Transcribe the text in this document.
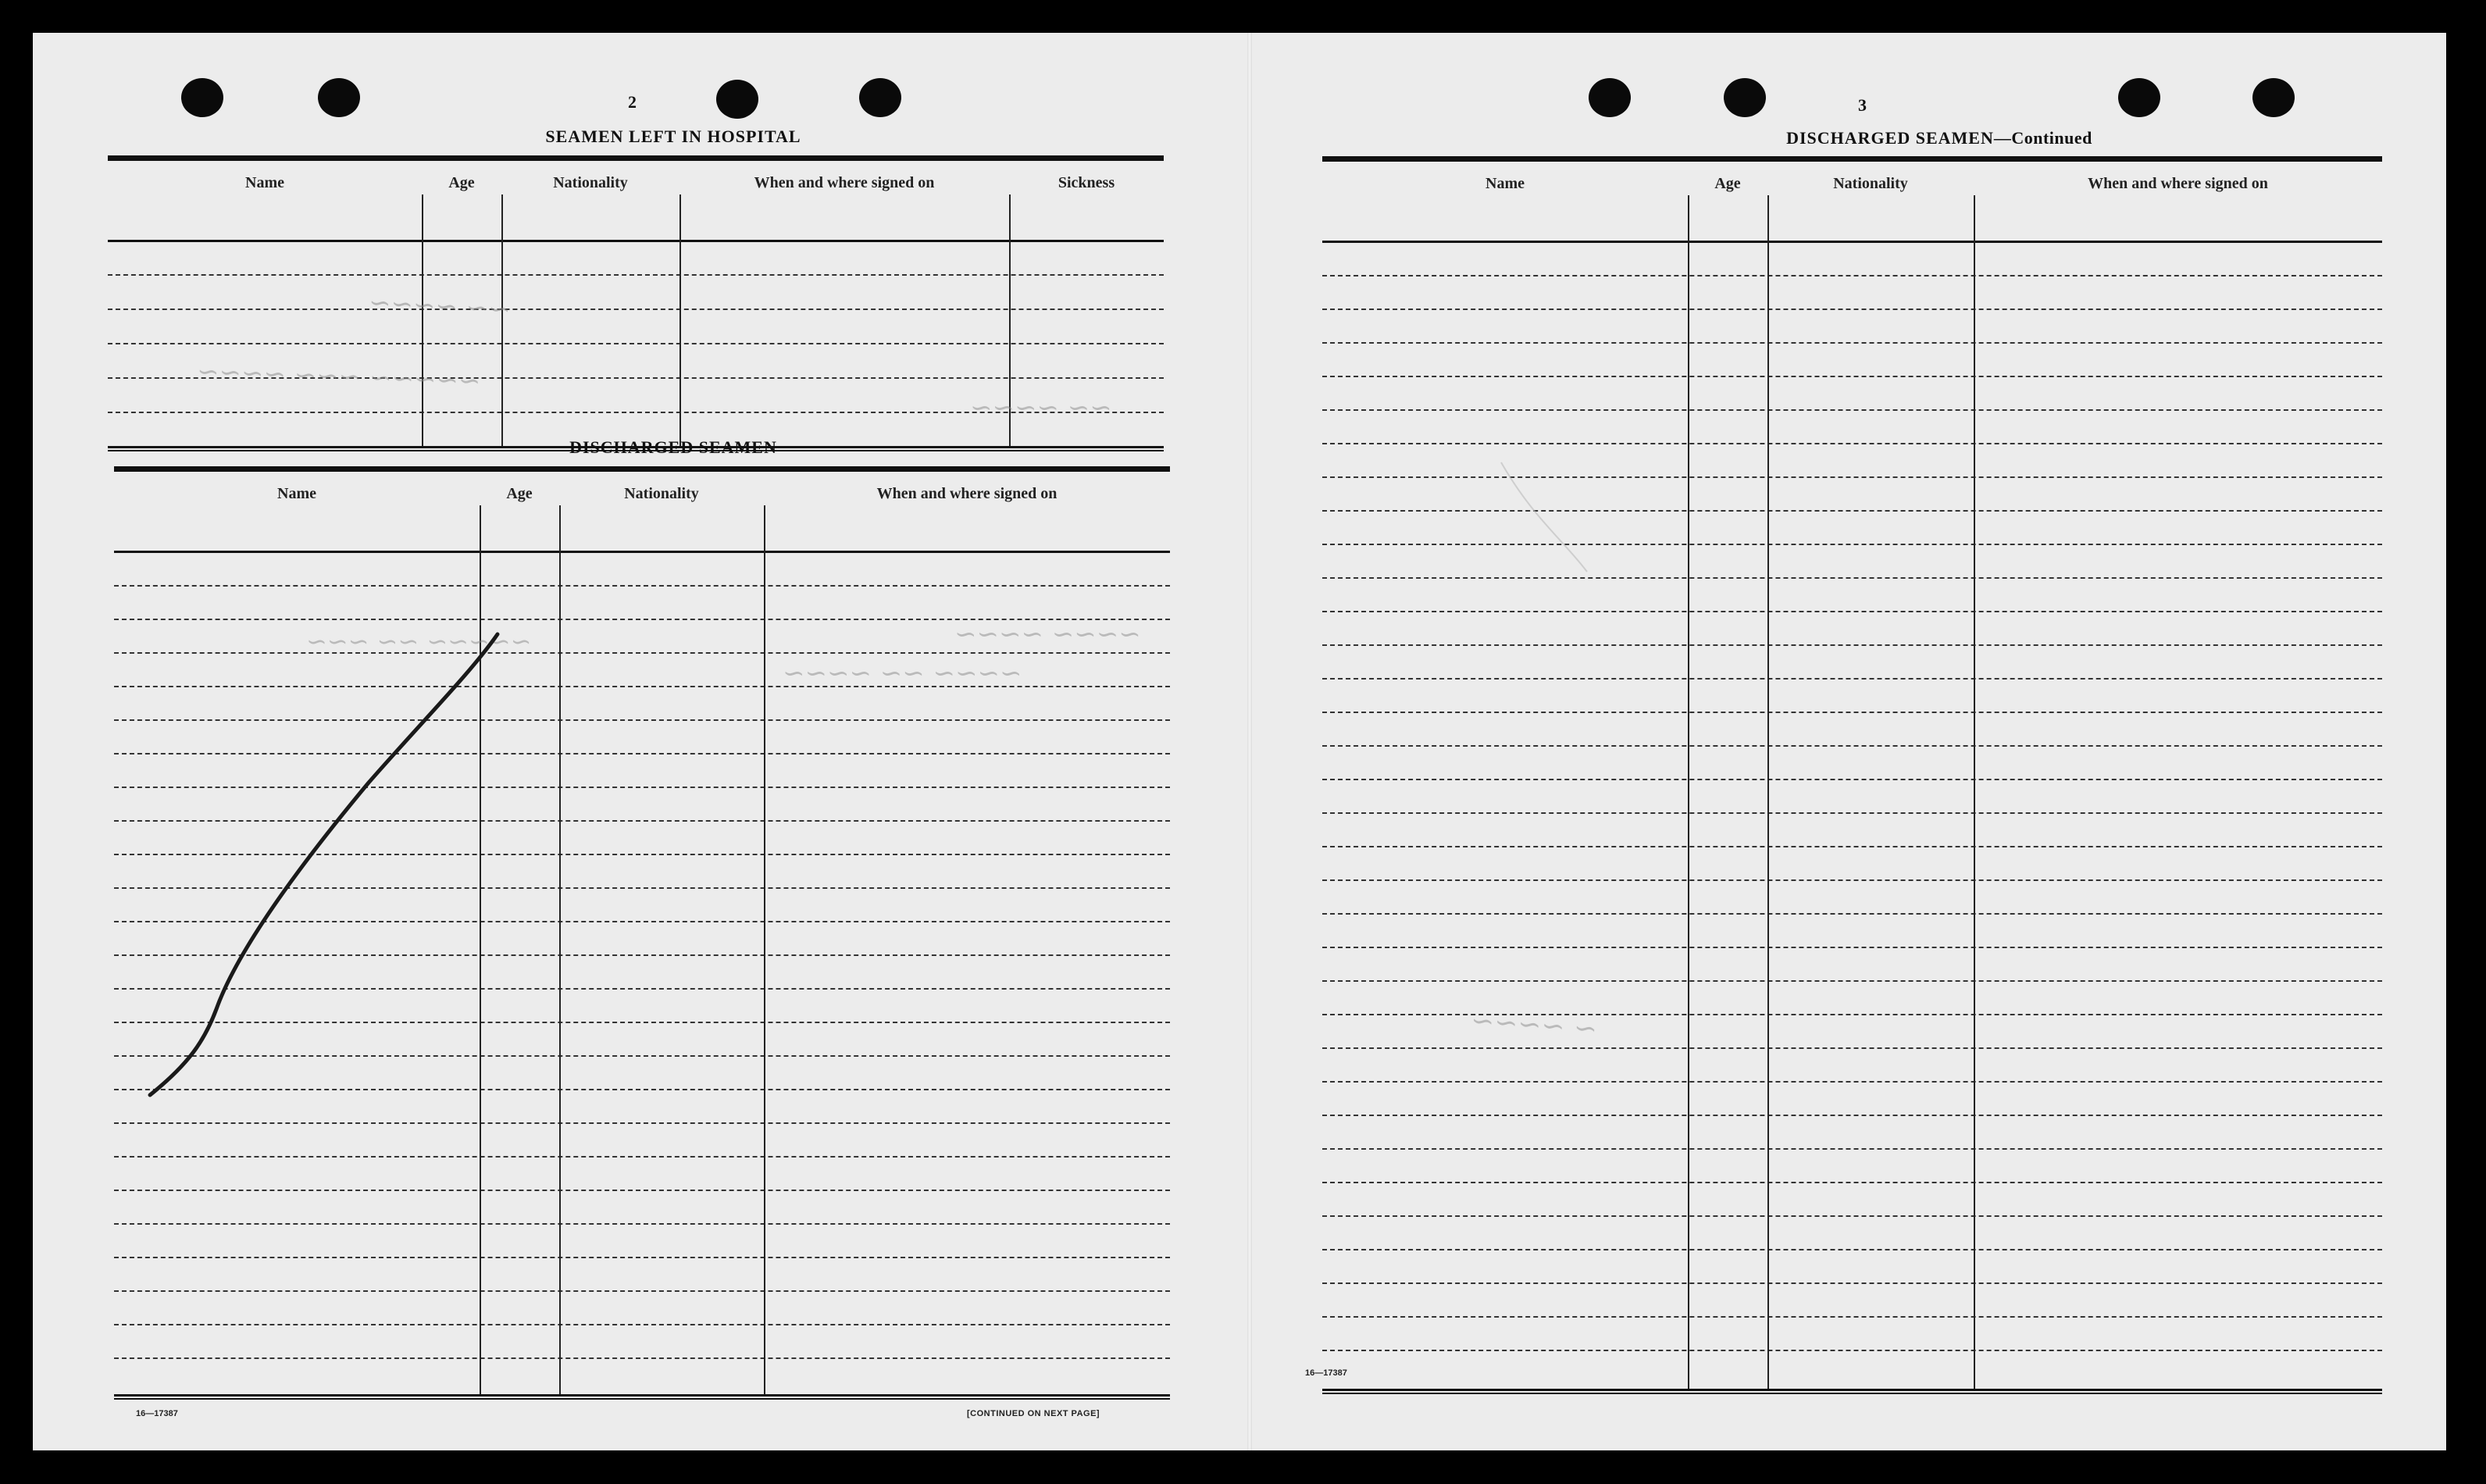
2
SEAMEN LEFT IN HOSPITAL
Name	Age	Nationality	When and where signed on	Sickness
DISCHARGED SEAMEN
Name	Age	Nationality	When and where signed on
16—17387	[CONTINUED ON NEXT PAGE]
~~ ~~~~
~~~~~ ~~~ ~~~~
~~ ~~~~
~~~~ ~~~~
~~~~ ~~ ~~~~
~~~~~ ~~ ~~~
3
DISCHARGED SEAMEN—Continued
Name	Age	Nationality	When and where signed on
16—17387
~ ~~~~
